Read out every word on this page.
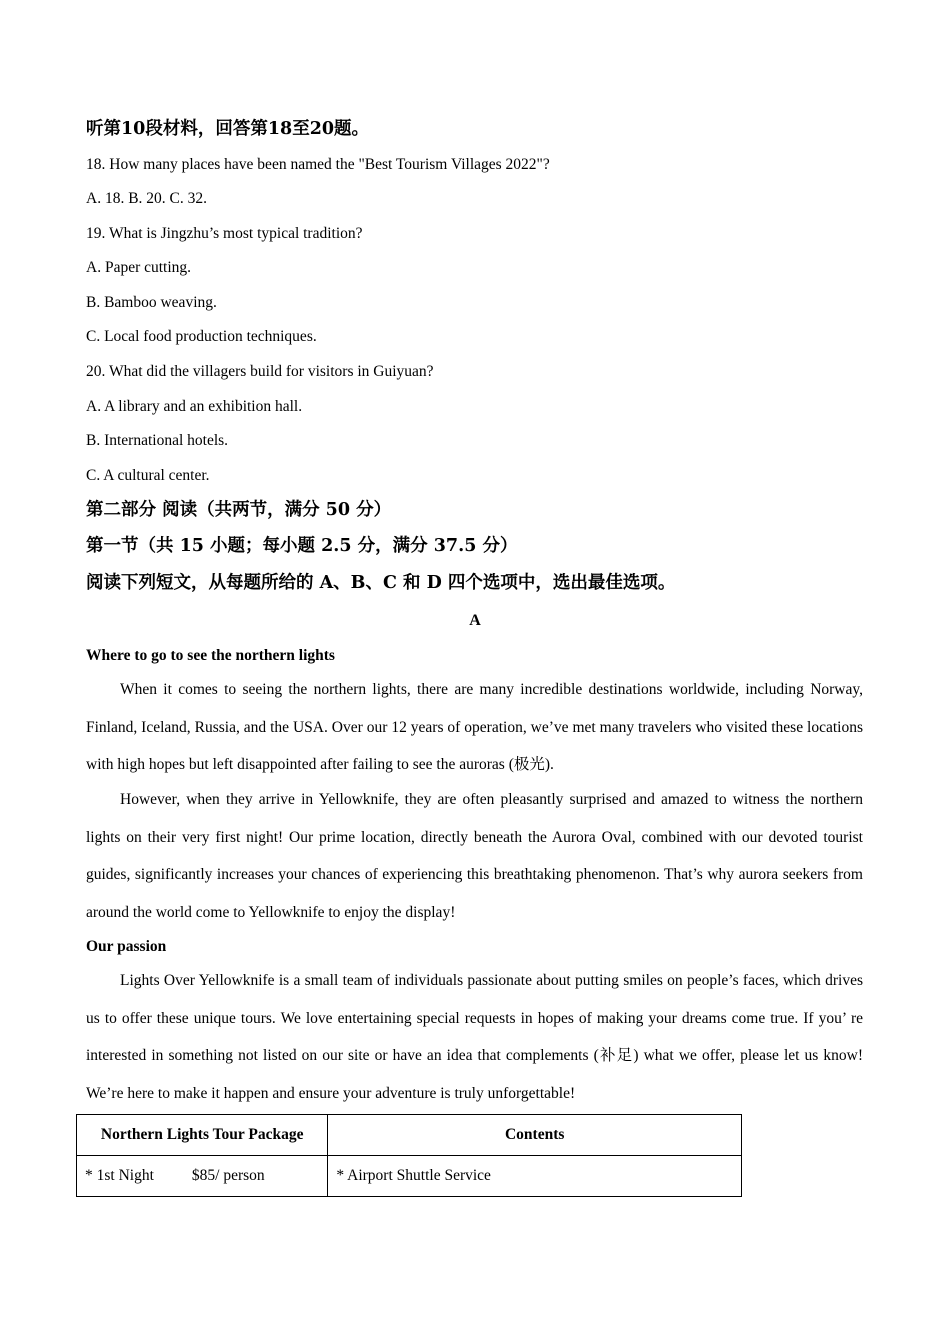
听第10段材料，回答第18至20题。
18. How many places have been named the "Best Tourism Villages 2022"?
A. 18. B. 20. C. 32.
19. What is Jingzhu’s most typical tradition?
A. Paper cutting.
B. Bamboo weaving.
C. Local food production techniques.
20. What did the villagers build for visitors in Guiyuan?
A. A library and an exhibition hall.
B. International hotels.
C. A cultural center.
第二部分 阅读（共两节，满分 50 分）
第一节（共 15 小题；每小题 2.5 分，满分 37.5 分）
阅读下列短文，从每题所给的 A、B、C 和 D 四个选项中，选出最佳选项。
A
Where to go to see the northern lights

When it comes to seeing the northern lights, there are many incredible destinations worldwide, including Norway, Finland, Iceland, Russia, and the USA. Over our 12 years of operation, we’ve met many travelers who visited these locations with high hopes but left disappointed after failing to see the auroras (极光).

However, when they arrive in Yellowknife, they are often pleasantly surprised and amazed to witness the northern lights on their very first night! Our prime location, directly beneath the Aurora Oval, combined with our devoted tourist guides, significantly increases your chances of experiencing this breathtaking phenomenon. That’s why aurora seekers from around the world come to Yellowknife to enjoy the display!

Our passion

Lights Over Yellowknife is a small team of individuals passionate about putting smiles on people’s faces, which drives us to offer these unique tours. We love entertaining special requests in hopes of making your dreams come true. If you’ re interested in something not listed on our site or have an idea that complements (补足) what we offer, please let us know! We’re here to make it happen and ensure your adventure is truly unforgettable!

Northern Lights Tour Package	Contents
* 1st Night $85/ person	* Airport Shuttle Service
